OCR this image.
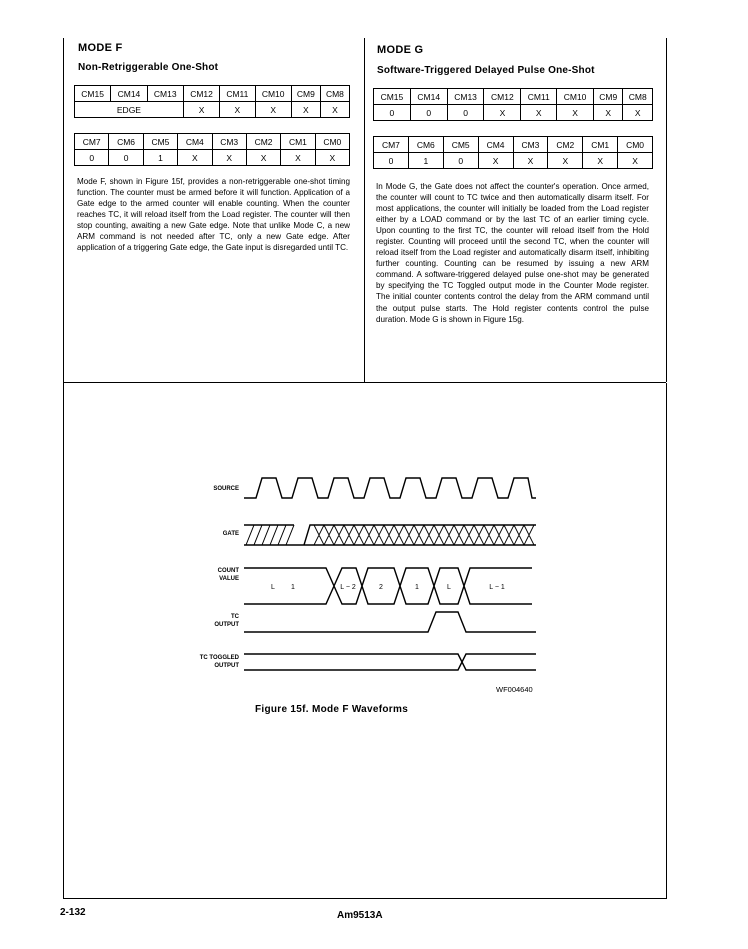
MODE F
Non-Retriggerable One-Shot
CM15	CM14	CM13	CM12	CM11	CM10	CM9	CM8
EDGE			X	X	X	X	X
CM7	CM6	CM5	CM4	CM3	CM2	CM1	CM0
0	0	1	X	X	X	X	X
Mode F, shown in Figure 15f, provides a non-retriggerable one-shot timing function. The counter must be armed before it will function. Application of a Gate edge to the armed counter will enable counting. When the counter reaches TC, it will reload itself from the Load register. The counter will then stop counting, awaiting a new Gate edge. Note that unlike Mode C, a new ARM command is not needed after TC, only a new Gate edge. After application of a triggering Gate edge, the Gate input is disregarded until TC.
MODE G
Software-Triggered Delayed Pulse One-Shot
CM15	CM14	CM13	CM12	CM11	CM10	CM9	CM8
0	0	0	X	X	X	X	X
CM7	CM6	CM5	CM4	CM3	CM2	CM1	CM0
0	1	0	X	X	X	X	X
In Mode G, the Gate does not affect the counter's operation. Once armed, the counter will count to TC twice and then automatically disarm itself. For most applications, the counter will initially be loaded from the Load register either by a LOAD command or by the last TC of an earlier timing cycle. Upon counting to the first TC, the counter will reload itself from the Hold register. Counting will proceed until the second TC, when the counter will reload itself from the Load register and automatically disarm itself, inhibiting further counting. Counting can be resumed by issuing a new ARM command. A software-triggered delayed pulse one-shot may be generated by specifying the TC Toggled output mode in the Counter Mode register. The initial counter contents control the delay from the ARM command until the output pulse starts. The Hold register contents control the pulse duration. Mode G is shown in Figure 15g.
SOURCE
GATE
COUNT
VALUE
TC
OUTPUT
TC TOGGLED
OUTPUT
L 1	L − 2	2	1	L	L − 1
WF004640
Figure 15f. Mode F Waveforms
2-132	Am9513A
